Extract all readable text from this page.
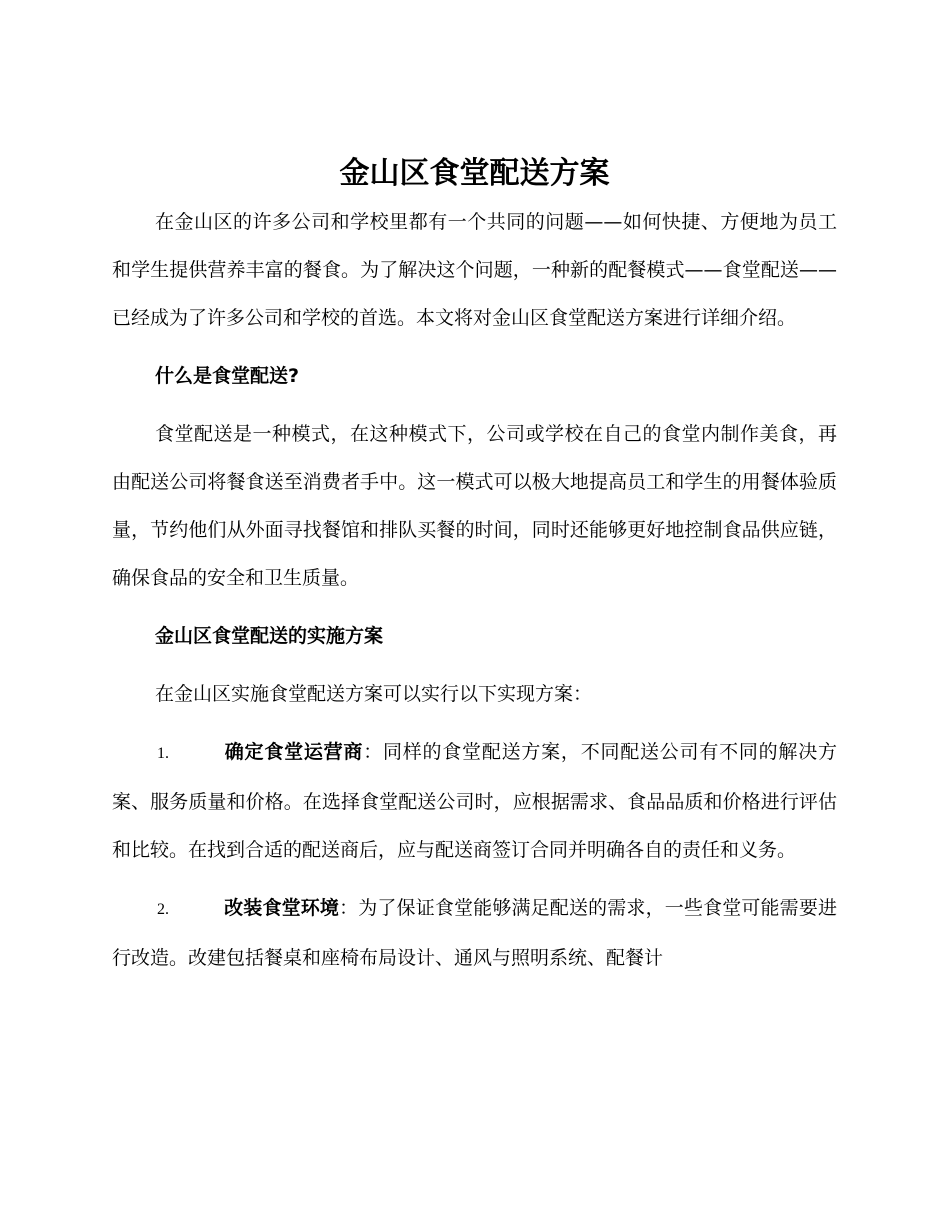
金山区食堂配送方案

在金山区的许多公司和学校里都有一个共同的问题——如何快捷、方便地为员工和学生提供营养丰富的餐食。为了解决这个问题，一种新的配餐模式——食堂配送——已经成为了许多公司和学校的首选。本文将对金山区食堂配送方案进行详细介绍。

什么是食堂配送?

食堂配送是一种模式，在这种模式下，公司或学校在自己的食堂内制作美食，再由配送公司将餐食送至消费者手中。这一模式可以极大地提高员工和学生的用餐体验质量，节约他们从外面寻找餐馆和排队买餐的时间，同时还能够更好地控制食品供应链，确保食品的安全和卫生质量。

金山区食堂配送的实施方案

在金山区实施食堂配送方案可以实行以下实现方案：

1.	确定食堂运营商：同样的食堂配送方案，不同配送公司有不同的解决方案、服务质量和价格。在选择食堂配送公司时，应根据需求、食品品质和价格进行评估和比较。在找到合适的配送商后，应与配送商签订合同并明确各自的责任和义务。

2.	改装食堂环境：为了保证食堂能够满足配送的需求，一些食堂可能需要进行改造。改建包括餐桌和座椅布局设计、通风与照明系统、配餐计
